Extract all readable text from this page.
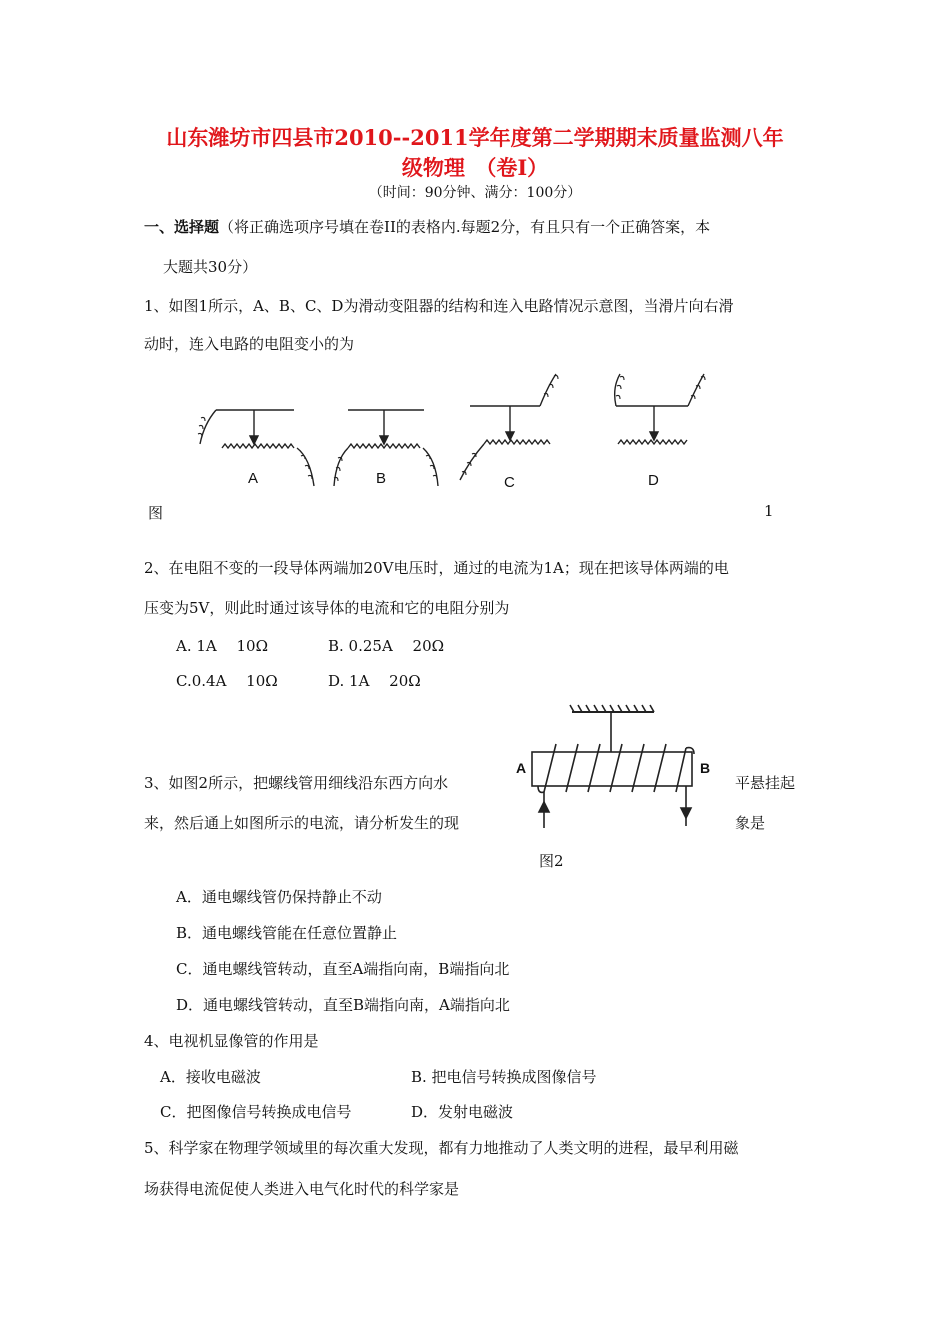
山东潍坊市四县市2010--2011学年度第二学期期末质量监测八年
级物理　（卷I）
（时间：90分钟、满分：100分）
一、选择题（将正确选项序号填在卷II的表格内.每题2分，有且只有一个正确答案，本
大题共30分）
1、如图1所示，A、B、C、D为滑动变阻器的结构和连入电路情况示意图，当滑片向右滑
动时，连入电路的电阻变小的为
A	B	C	D
图	1
2、在电阻不变的一段导体两端加20V电压时，通过的电流为1A；现在把该导体两端的电
压变为5V，则此时通过该导体的电流和它的电阻分别为
A. 1A　 10Ω	B. 0.25A　 20Ω
C.0.4A　 10Ω	D. 1A　 20Ω
3、如图2所示，把螺线管用细线沿东西方向水	平悬挂起
来，然后通上如图所示的电流，请分析发生的现	象是
A	B
图2
A．通电螺线管仍保持静止不动
B．通电螺线管能在任意位置静止
C．通电螺线管转动，直至A端指向南，B端指向北
D．通电螺线管转动，直至B端指向南，A端指向北
4、电视机显像管的作用是
A．接收电磁波	B. 把电信号转换成图像信号
C．把图像信号转换成电信号	D．发射电磁波
5、科学家在物理学领域里的每次重大发现，都有力地推动了人类文明的进程，最早利用磁
场获得电流促使人类进入电气化时代的科学家是
